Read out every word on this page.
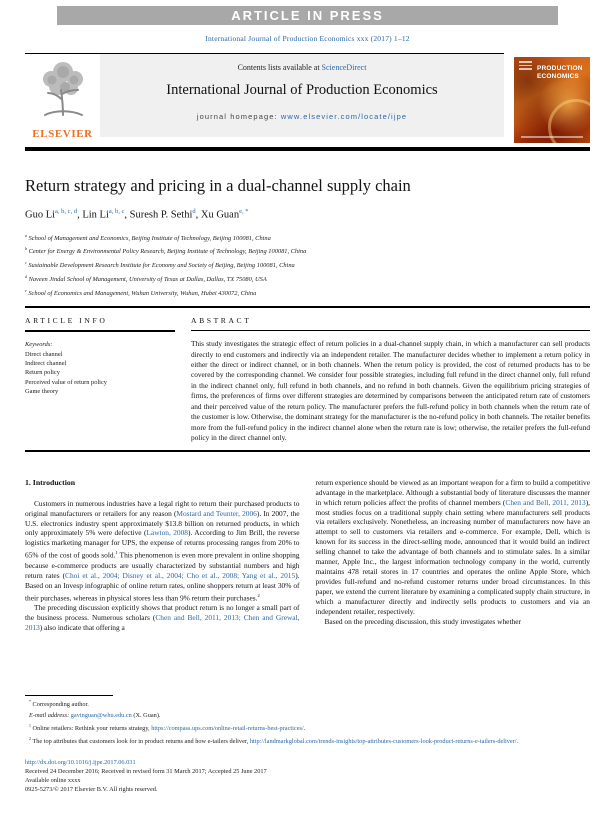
ARTICLE IN PRESS
International Journal of Production Economics xxx (2017) 1–12
ELSEVIER
Contents lists available at ScienceDirect
International Journal of Production Economics
journal homepage: www.elsevier.com/locate/ijpe
PRODUCTION
ECONOMICS
Return strategy and pricing in a dual-channel supply chain
Guo Li$^{a, b, c, d}$, Lin Li$^{a, b, c}$, Suresh P. Sethi$^d$, Xu Guan$^{e, *}$
$^a$ School of Management and Economics, Beijing Institute of Technology, Beijing 100081, China
$^b$ Center for Energy & Environmental Policy Research, Beijing Institute of Technology, Beijing 100081, China
$^c$ Sustainable Development Research Institute for Economy and Society of Beijing, Beijing 100081, China
$^d$ Naveen Jindal School of Management, University of Texas at Dallas, Dallas, TX 75080, USA
$^e$ School of Economics and Management, Wuhan University, Wuhan, Hubei 430072, China
ARTICLE INFO
Keywords:
Direct channel
Indirect channel
Return policy
Perceived value of return policy
Game theory
ABSTRACT

This study investigates the strategic effect of return policies in a dual-channel supply chain, in which a manufacturer can sell products directly to end customers and indirectly via an independent retailer. The manufacturer decides whether to implement a return policy in either the direct or indirect channel, or in both channels. When the return policy is provided, the cost of returned products has to be covered by the corresponding channel. We consider four possible strategies, including full refund in the direct channel only, full refund in the indirect channel only, full refund in both channels, and no refund in both channels. Given the equilibrium pricing strategies of firms, the preferences of firms over different strategies are determined by comparisons between the anticipated return rate of customers and their perceived value of the return policy. The manufacturer prefers the full-refund policy in both channels when the return rate of the customer is low. Otherwise, the dominant strategy for the manufacturer is the no-refund policy in both channels. The retailer benefits more from the full-refund policy in the indirect channel alone when the return rate is low; otherwise, the retailer prefers the full-refund policy in the direct channel only.

1. Introduction

Customers in numerous industries have a legal right to return their purchased products to original manufacturers or retailers for any reason (Mostard and Teunter, 2006). In 2007, the U.S. electronics industry spent approximately $13.8 billion on returned products, in which only approximately 5% were defective (Lawton, 2008). According to Jim Brill, the reverse logistics marketing manager for UPS, the expense of returns processing ranges from 20% to 65% of the cost of goods sold.$^1$ This phenomenon is even more prevalent in online shopping because e-commerce products are usually characterized by substantial numbers and high return rates (Choi et al., 2004; Disney et al., 2004; Cho et al., 2008; Yang et al., 2015). Based on an Invesp infographic of online return rates, online shoppers return at least 30% of their purchases, whereas in physical stores less than 9% return their purchases.$^2$

The preceding discussion explicitly shows that product return is no longer a small part of the business process. Numerous scholars (Chen and Bell, 2011, 2013; Chen and Grewal, 2013) also indicate that offering a

return experience should be viewed as an important weapon for a firm to build a competitive advantage in the marketplace. Although a substantial body of literature discusses the manner in which return policies affect the profits of channel members (Chen and Bell, 2011, 2013), most studies focus on a traditional supply chain setting where manufacturers sell products via retailers exclusively. Nonetheless, an increasing number of manufacturers now have an attempt to sell to customers via retailers and e-commerce. For example, Dell, which is known for its success in the direct-selling mode, announced that it would build an indirect selling channel to take the advantage of both channels and to stimulate sales. In a similar manner, Apple Inc., the largest information technology company in the world, currently maintains 478 retail stores in 17 countries and operates the online Apple Store, which provides full-refund and no-refund customer returns under broad circumstances. In this paper, we extend the current literature by examining a complicated supply chain structure, in which a manufacturer directly and indirectly sells products to customers and via an independent retailer, respectively.

Based on the preceding discussion, this study investigates whether

* Corresponding author.
E-mail address: gavinguan@whu.edu.cn (X. Guan).
$^1$ Online retailers: Rethink your returns strategy, https://compass.ups.com/online-retail-returns-best-practices/.
$^2$ The top attributes that customers look for in product returns and how e-tailers deliver, http://landmarkglobal.com/trends-insights/top-attributes-customers-look-product-returns-e-tailers-deliver/.
http://dx.doi.org/10.1016/j.ijpe.2017.06.031
Received 24 December 2016; Received in revised form 31 March 2017; Accepted 25 June 2017
Available online xxxx
0925-5273/© 2017 Elsevier B.V. All rights reserved.
